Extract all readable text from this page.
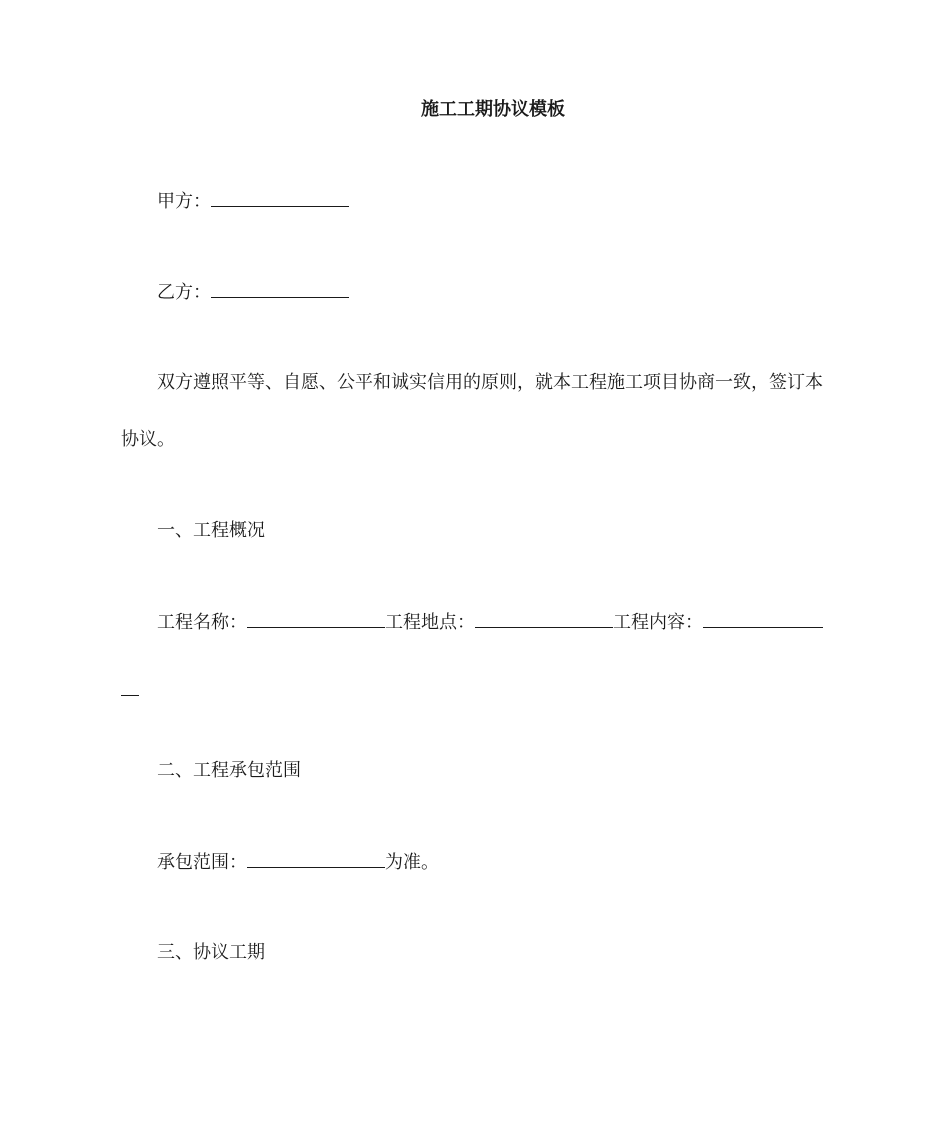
施工工期协议模板
甲方：
乙方：
双方遵照平等、自愿、公平和诚实信用的原则，就本工程施工项目协商一致，签订本
协议。
一、工程概况
工程名称：	工程地点：	工程内容：
二、工程承包范围
承包范围：	为准。
三、协议工期
